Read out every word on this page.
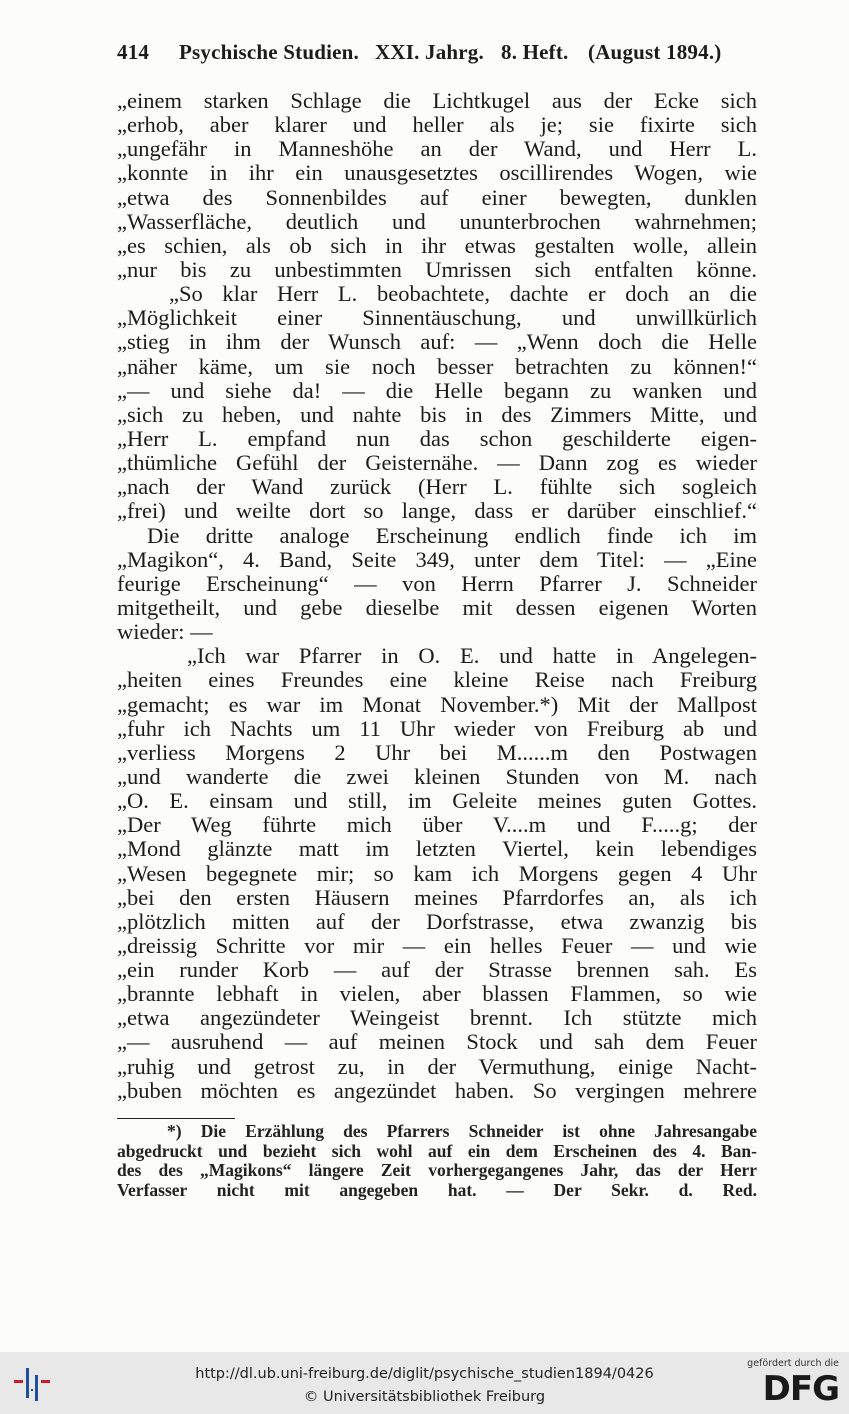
414 Psychische Studien. XXI. Jahrg. 8. Heft. (August 1894.)
„einem starken Schlage die Lichtkugel aus der Ecke sich
„erhob, aber klarer und heller als je; sie fixirte sich
„ungefähr in Manneshöhe an der Wand, und Herr L.
„konnte in ihr ein unausgesetztes oscillirendes Wogen, wie
„etwa des Sonnenbildes auf einer bewegten, dunklen
„Wasserfläche, deutlich und ununterbrochen wahrnehmen;
„es schien, als ob sich in ihr etwas gestalten wolle, allein
„nur bis zu unbestimmten Umrissen sich entfalten könne.
„So klar Herr L. beobachtete, dachte er doch an die
„Möglichkeit einer Sinnentäuschung, und unwillkürlich
„stieg in ihm der Wunsch auf: — „Wenn doch die Helle
„näher käme, um sie noch besser betrachten zu können!“
„— und siehe da! — die Helle begann zu wanken und
„sich zu heben, und nahte bis in des Zimmers Mitte, und
„Herr L. empfand nun das schon geschilderte eigen-
„thümliche Gefühl der Geisternähe. — Dann zog es wieder
„nach der Wand zurück (Herr L. fühlte sich sogleich
„frei) und weilte dort so lange, dass er darüber einschlief.“
Die dritte analoge Erscheinung endlich finde ich im
„Magikon“, 4. Band, Seite 349, unter dem Titel: — „Eine
feurige Erscheinung“ — von Herrn Pfarrer J. Schneider
mitgetheilt, und gebe dieselbe mit dessen eigenen Worten
wieder: —
„Ich war Pfarrer in O. E. und hatte in Angelegen-
„heiten eines Freundes eine kleine Reise nach Freiburg
„gemacht; es war im Monat November.*) Mit der Mallpost
„fuhr ich Nachts um 11 Uhr wieder von Freiburg ab und
„verliess Morgens 2 Uhr bei M......m den Postwagen
„und wanderte die zwei kleinen Stunden von M. nach
„O. E. einsam und still, im Geleite meines guten Gottes.
„Der Weg führte mich über V....m und F.....g; der
„Mond glänzte matt im letzten Viertel, kein lebendiges
„Wesen begegnete mir; so kam ich Morgens gegen 4 Uhr
„bei den ersten Häusern meines Pfarrdorfes an, als ich
„plötzlich mitten auf der Dorfstrasse, etwa zwanzig bis
„dreissig Schritte vor mir — ein helles Feuer — und wie
„ein runder Korb — auf der Strasse brennen sah. Es
„brannte lebhaft in vielen, aber blassen Flammen, so wie
„etwa angezündeter Weingeist brennt. Ich stützte mich
„— ausruhend — auf meinen Stock und sah dem Feuer
„ruhig und getrost zu, in der Vermuthung, einige Nacht-
„buben möchten es angezündet haben. So vergingen mehrere
*) Die Erzählung des Pfarrers Schneider ist ohne Jahresangabe
abgedruckt und bezieht sich wohl auf ein dem Erscheinen des 4. Ban-
des des „Magikons“ längere Zeit vorhergegangenes Jahr, das der Herr
Verfasser nicht mit angegeben hat. — Der Sekr. d. Red.
http://dl.ub.uni-freiburg.de/diglit/psychische_studien1894/0426
© Universitätsbibliothek Freiburg
gefördert durch die
DFG
